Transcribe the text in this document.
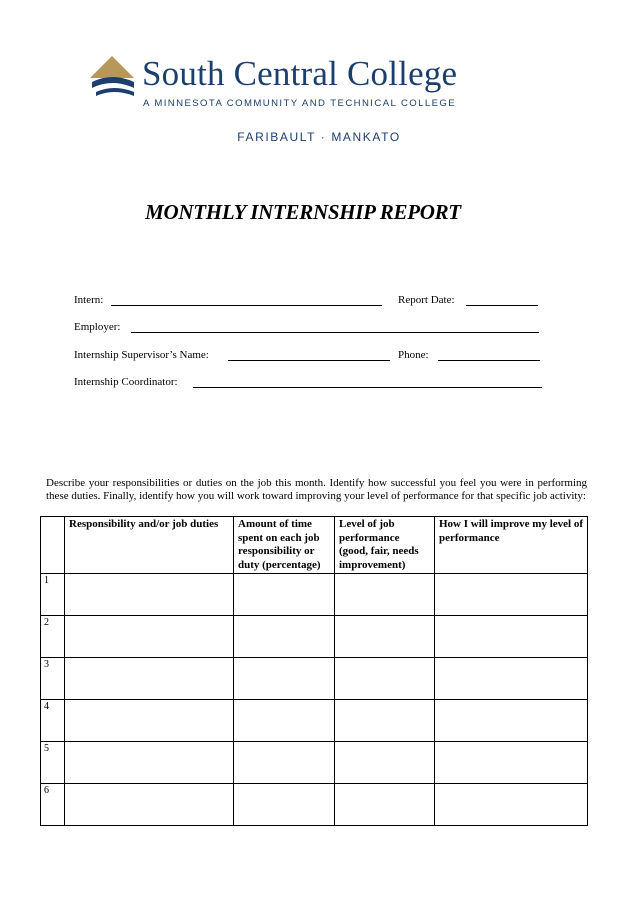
South Central College
A MINNESOTA COMMUNITY AND TECHNICAL COLLEGE
FARIBAULT · MANKATO
MONTHLY INTERNSHIP REPORT
Intern:	Report Date:
Employer:
Internship Supervisor’s Name:	Phone:
Internship Coordinator:
Describe your responsibilities or duties on the job this month. Identify how successful you feel you were in performing these duties. Finally, identify how you will work toward improving your level of performance for that specific job activity:
	Responsibility and/or job duties	Amount of time spent on each job responsibility or duty (percentage)	Level of job performance (good, fair, needs improvement)	How I will improve my level of performance
1				
2				
3				
4				
5				
6				
